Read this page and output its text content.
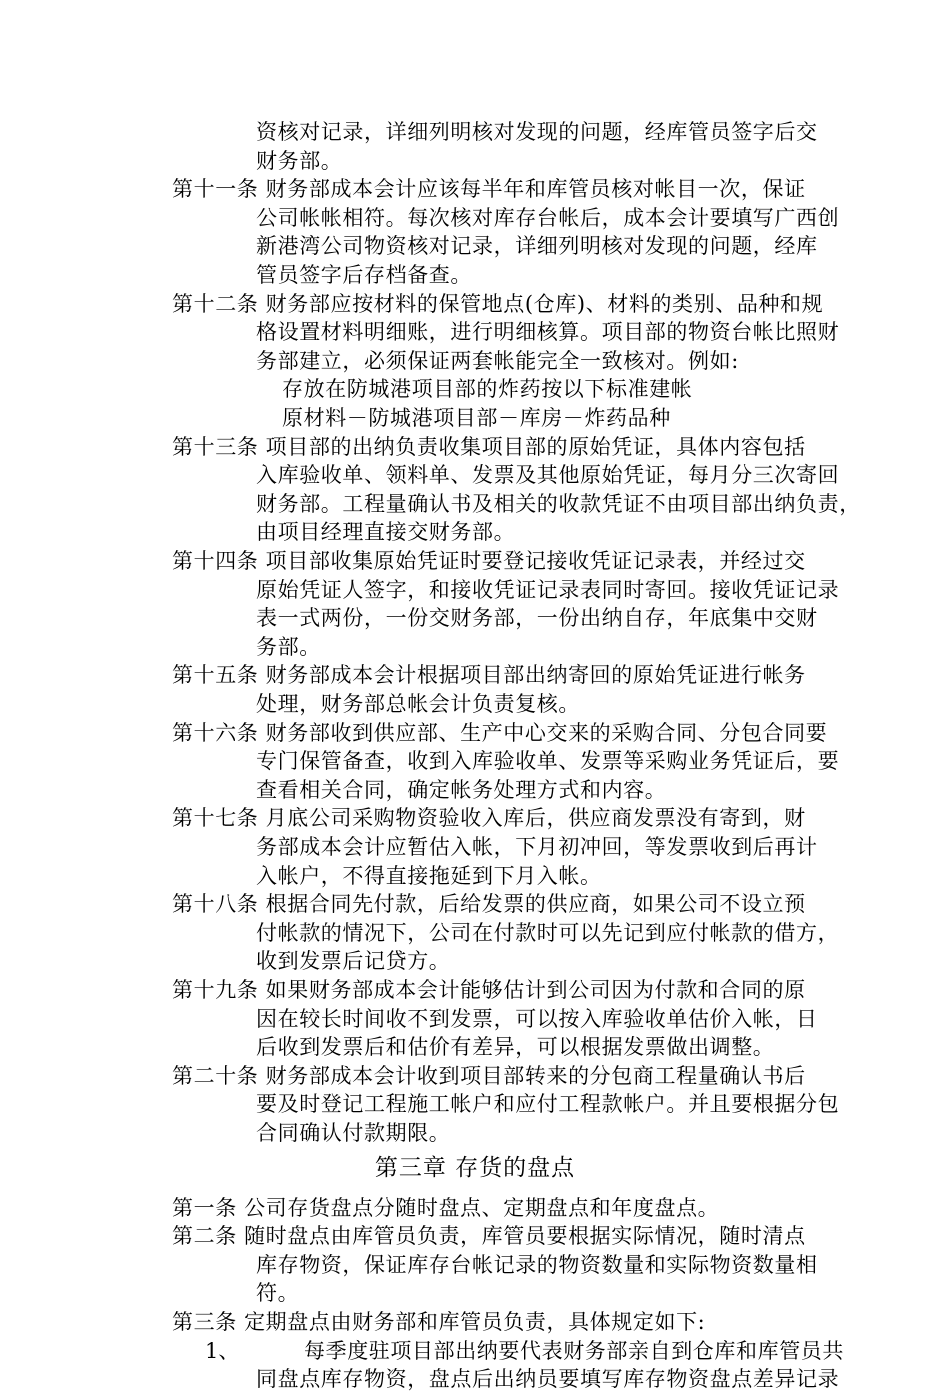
资核对记录，详细列明核对发现的问题，经库管员签字后交
财务部。
第十一条 财务部成本会计应该每半年和库管员核对帐目一次，保证
公司帐帐相符。每次核对库存台帐后，成本会计要填写广西创
新港湾公司物资核对记录，详细列明核对发现的问题，经库
管员签字后存档备查。
第十二条 财务部应按材料的保管地点(仓库)、材料的类别、品种和规
格设置材料明细账，进行明细核算。项目部的物资台帐比照财
务部建立，必须保证两套帐能完全一致核对。例如:
存放在防城港项目部的炸药按以下标准建帐
原材料－防城港项目部－库房－炸药品种
第十三条 项目部的出纳负责收集项目部的原始凭证，具体内容包括
入库验收单、领料单、发票及其他原始凭证，每月分三次寄回
财务部。工程量确认书及相关的收款凭证不由项目部出纳负责，
由项目经理直接交财务部。
第十四条 项目部收集原始凭证时要登记接收凭证记录表，并经过交
原始凭证人签字，和接收凭证记录表同时寄回。接收凭证记录
表一式两份，一份交财务部，一份出纳自存，年底集中交财
务部。
第十五条 财务部成本会计根据项目部出纳寄回的原始凭证进行帐务
处理，财务部总帐会计负责复核。
第十六条 财务部收到供应部、生产中心交来的采购合同、分包合同要
专门保管备查，收到入库验收单、发票等采购业务凭证后，要
查看相关合同，确定帐务处理方式和内容。
第十七条 月底公司采购物资验收入库后，供应商发票没有寄到，财
务部成本会计应暂估入帐，下月初冲回，等发票收到后再计
入帐户，不得直接拖延到下月入帐。
第十八条 根据合同先付款，后给发票的供应商，如果公司不设立预
付帐款的情况下，公司在付款时可以先记到应付帐款的借方，
收到发票后记贷方。
第十九条 如果财务部成本会计能够估计到公司因为付款和合同的原
因在较长时间收不到发票，可以按入库验收单估价入帐，日
第三章 存货的盘点
第一条 公司存货盘点分随时盘点、定期盘点和年度盘点。
第二条 随时盘点由库管员负责，库管员要根据实际情况，随时清点
库存物资，保证库存台帐记录的物资数量和实际物资数量相
符。
第三条 定期盘点由财务部和库管员负责，具体规定如下:
1、	每季度驻项目部出纳要代表财务部亲自到仓库和库管员共
同盘点库存物资，盘点后出纳员要填写库存物资盘点差异记录
后收到发票后和估价有差异，可以根据发票做出调整。
第二十条 财务部成本会计收到项目部转来的分包商工程量确认书后
要及时登记工程施工帐户和应付工程款帐户。并且要根据分包
合同确认付款期限。
